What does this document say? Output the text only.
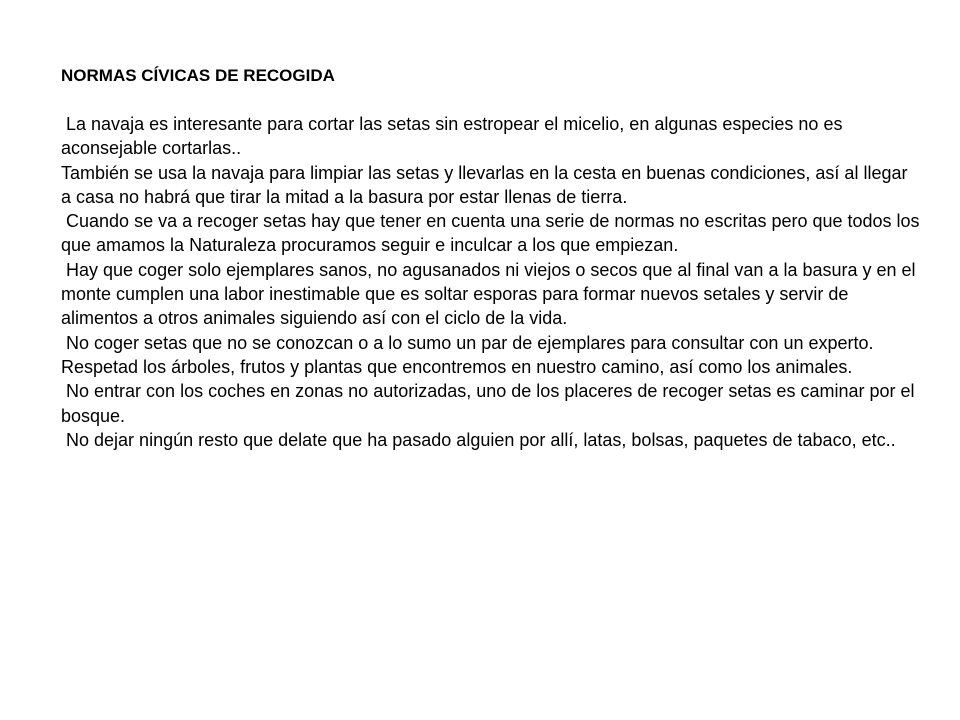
NORMAS CÍVICAS DE RECOGIDA

La navaja es interesante para cortar las setas sin estropear el micelio, en algunas especies no es aconsejable cortarlas..

También se usa la navaja para limpiar las setas y llevarlas en la cesta en buenas condiciones, así al llegar a casa no habrá que tirar la mitad a la basura por estar llenas de tierra.

Cuando se va a recoger setas hay que tener en cuenta una serie de normas no escritas pero que todos los que amamos la Naturaleza procuramos seguir e inculcar a los que empiezan.

Hay que coger solo ejemplares sanos, no agusanados ni viejos o secos que al final van a la basura y en el monte cumplen una labor inestimable que es soltar esporas para formar nuevos setales y servir de alimentos a otros animales siguiendo así con el ciclo de la vida.

No coger setas que no se conozcan o a lo sumo un par de ejemplares para consultar con un experto.

Respetad los árboles, frutos y plantas que encontremos en nuestro camino, así como los animales.

No entrar con los coches en zonas no autorizadas, uno de los placeres de recoger setas es caminar por el bosque.

No dejar ningún resto que delate que ha pasado alguien por allí, latas, bolsas, paquetes de tabaco, etc..
